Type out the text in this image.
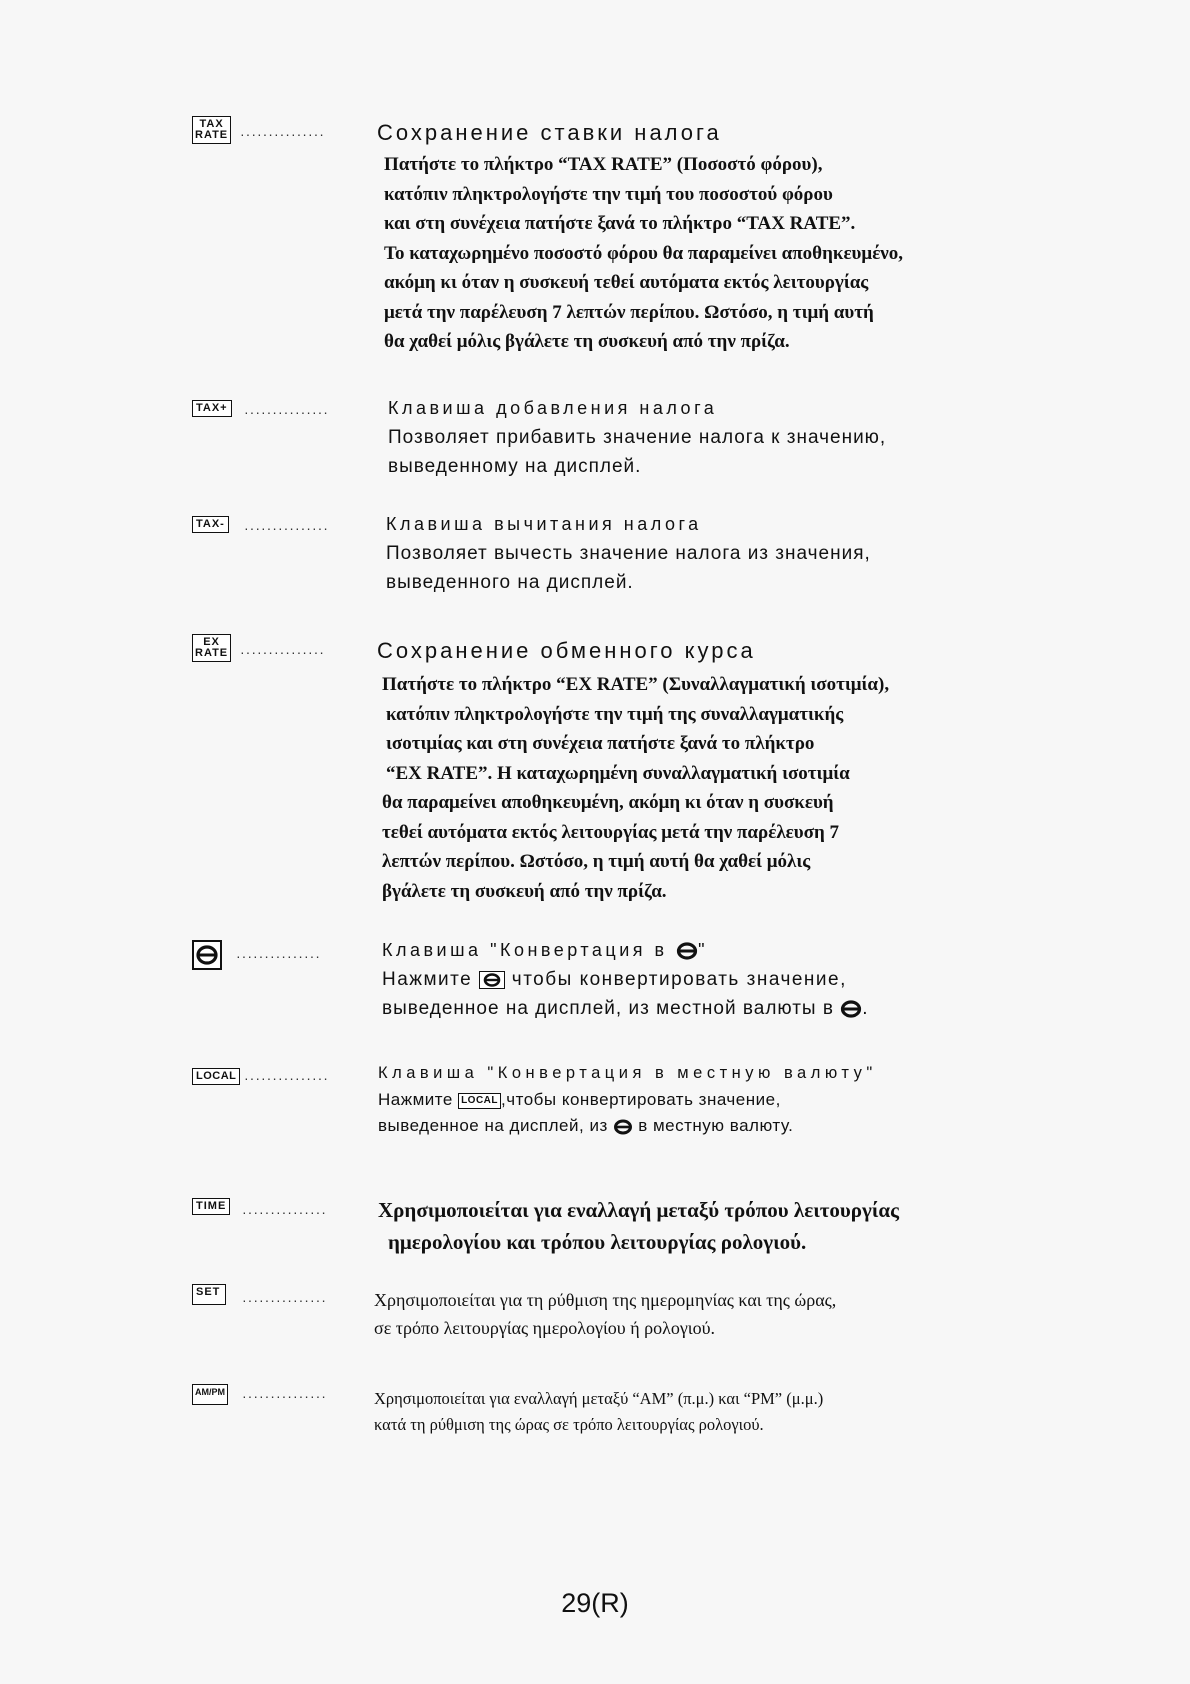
TAX
RATE ··············· Сохранение ставки налога
Πατήστε το πλήκτρο “TAX RATE” (Ποσοστό φόρου),
κατόπιν πληκτρολογήστε την τιμή του ποσοστού φόρου
και στη συνέχεια πατήστε ξανά το πλήκτρο “TAX RATE”.
Το καταχωρημένο ποσοστό φόρου θα παραμείνει αποθηκευμένο,
ακόμη κι όταν η συσκευή τεθεί αυτόματα εκτός λειτουργίας
μετά την παρέλευση 7 λεπτών περίπου. Ωστόσο, η τιμή αυτή
θα χαθεί μόλις βγάλετε τη συσκευή από την πρίζα.
TAX+ ···············	Клавиша добавления налога
Позволяет прибавить значение налога к значению,
выведенному на дисплей.
TAX- ···············	Клавиша вычитания налога
Позволяет вычесть значение налога из значения,
выведенного на дисплей.
EX
RATE ··············· Сохранение обменного курса
Πατήστε το πλήκτρο “EX RATE” (Συναλλαγματική ισοτιμία),
κατόπιν πληκτρολογήστε την τιμή της συναλλαγματικής
ισοτιμίας και στη συνέχεια πατήστε ξανά το πλήκτρο
“EX RATE”. Η καταχωρημένη συναλλαγματική ισοτιμία
θα παραμείνει αποθηκευμένη, ακόμη κι όταν η συσκευή
τεθεί αυτόματα εκτός λειτουργίας μετά την παρέλευση 7
λεπτών περίπου. Ωστόσο, η τιμή αυτή θα χαθεί μόλις
βγάλετε τη συσκευή από την πρίζα.
···············	Клавиша "Конвертация в "
Нажмите чтобы конвертировать значение,
выведенное на дисплей, из местной валюты в .
LOCAL ···············	Клавиша "Конвертация в местную валюту"
Нажмите LOCAL ,чтобы конвертировать значение,
выведенное на дисплей, из в местную валюту.
TIME ··············· Χρησιμοποιείται για εναλλαγή μεταξύ τρόπου λειτουργίας
ημερολογίου και τρόπου λειτουργίας ρολογιού.
SET	···············	Χρησιμοποιείται για τη ρύθμιση της ημερομηνίας και της ώρας,
σε τρόπο λειτουργίας ημερολογίου ή ρολογιού.
AM/PM ···············	Χρησιμοποιείται για εναλλαγή μεταξύ “AM” (π.μ.) και “PM” (μ.μ.)
κατά τη ρύθμιση της ώρας σε τρόπο λειτουργίας ρολογιού.
29(R)
